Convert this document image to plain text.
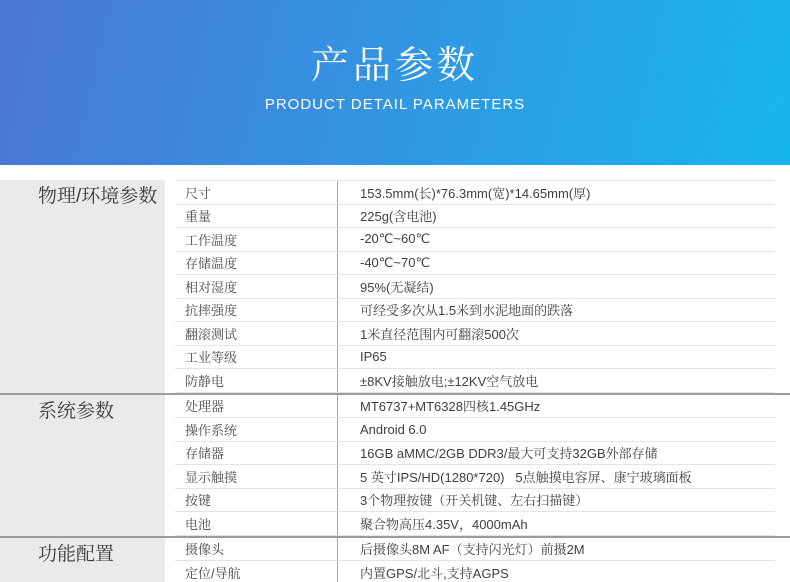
产品参数
PRODUCT DETAIL PARAMETERS
物理/环境参数	尺寸	153.5mm(长)*76.3mm(宽)*14.65mm(厚)
重量	225g(含电池)
工作温度	-20℃~60℃
存储温度	-40℃~70℃
相对湿度	95%(无凝结)
抗摔强度	可经受多次从1.5米到水泥地面的跌落
翻滚测试	1米直径范围内可翻滚500次
工业等级	IP65
防静电	±8KV接触放电;±12KV空气放电
系统参数	处理器	MT6737+MT6328四核1.45GHz
操作系统	Android 6.0
存储器	16GB aMMC/2GB DDR3/最大可支持32GB外部存储
显示触摸	5 英寸IPS/HD(1280*720)   5点触摸电容屏、康宁玻璃面板
按键	3个物理按键（开关机键、左右扫描键）
电池	聚合物高压4.35V，4000mAh
功能配置	摄像头	后摄像头8M AF（支持闪光灯）前摄2M
定位/导航	内置GPS/北斗,支持AGPS
